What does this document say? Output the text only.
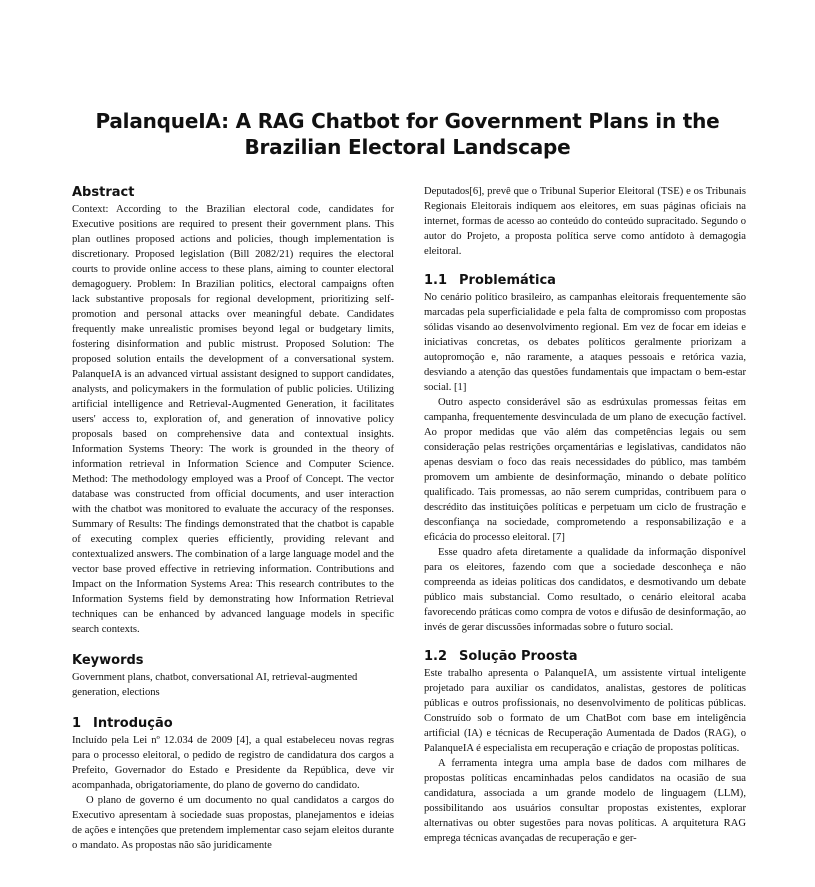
PalanqueIA: A RAG Chatbot for Government Plans in the
Brazilian Electoral Landscape
Abstract

Context: According to the Brazilian electoral code, candidates for Executive positions are required to present their government plans. This plan outlines proposed actions and policies, though implementation is discretionary. Proposed legislation (Bill 2082/21) requires the electoral courts to provide online access to these plans, aiming to counter electoral demagoguery. Problem: In Brazilian politics, electoral campaigns often lack substantive proposals for regional development, prioritizing self-promotion and personal attacks over meaningful debate. Candidates frequently make unrealistic promises beyond legal or budgetary limits, fostering disinformation and public mistrust. Proposed Solution: The proposed solution entails the development of a conversational system. PalanqueIA is an advanced virtual assistant designed to support candidates, analysts, and policymakers in the formulation of public policies. Utilizing artificial intelligence and Retrieval-Augmented Generation, it facilitates users' access to, exploration of, and generation of innovative policy proposals based on comprehensive data and contextual insights. Information Systems Theory: The work is grounded in the theory of information retrieval in Information Science and Computer Science. Method: The methodology employed was a Proof of Concept. The vector database was constructed from official documents, and user interaction with the chatbot was monitored to evaluate the accuracy of the responses. Summary of Results: The findings demonstrated that the chatbot is capable of executing complex queries efficiently, providing relevant and contextualized answers. The combination of a large language model and the vector base proved effective in retrieving information. Contributions and Impact on the Information Systems Area: This research contributes to the Information Systems field by demonstrating how Information Retrieval techniques can be enhanced by advanced language models in specific search contexts.

Keywords

Government plans, chatbot, conversational AI, retrieval-augmented generation, elections

1 Introdução

Incluído pela Lei nº 12.034 de 2009 [4], a qual estabeleceu novas regras para o processo eleitoral, o pedido de registro de candidatura dos cargos a Prefeito, Governador do Estado e Presidente da República, deve vir acompanhada, obrigatoriamente, do plano de governo do candidato.

O plano de governo é um documento no qual candidatos a cargos do Executivo apresentam à sociedade suas propostas, planejamentos e ideias de ações e intenções que pretendem implementar caso sejam eleitos durante o mandato. As propostas não são juridicamente

Deputados[6], prevê que o Tribunal Superior Eleitoral (TSE) e os Tribunais Regionais Eleitorais indiquem aos eleitores, em suas páginas oficiais na internet, formas de acesso ao conteúdo do conteúdo supracitado. Segundo o autor do Projeto, a proposta política serve como antídoto à demagogia eleitoral.

1.1 Problemática

No cenário político brasileiro, as campanhas eleitorais frequentemente são marcadas pela superficialidade e pela falta de compromisso com propostas sólidas visando ao desenvolvimento regional. Em vez de focar em ideias e iniciativas concretas, os debates políticos geralmente priorizam a autopromoção e, não raramente, a ataques pessoais e retórica vazia, desviando a atenção das questões fundamentais que impactam o bem-estar social. [1]

Outro aspecto considerável são as esdrúxulas promessas feitas em campanha, frequentemente desvinculada de um plano de execução factível. Ao propor medidas que vão além das competências legais ou sem consideração pelas restrições orçamentárias e legislativas, candidatos não apenas desviam o foco das reais necessidades do público, mas também promovem um ambiente de desinformação, minando o debate político qualificado. Tais promessas, ao não serem cumpridas, contribuem para o descrédito das instituições políticas e perpetuam um ciclo de frustração e desconfiança na sociedade, comprometendo a responsabilização e a eficácia do processo eleitoral. [7]

Esse quadro afeta diretamente a qualidade da informação disponível para os eleitores, fazendo com que a sociedade desconheça e não compreenda as ideias políticas dos candidatos, e desmotivando um debate público mais substancial. Como resultado, o cenário eleitoral acaba favorecendo práticas como compra de votos e difusão de desinformação, ao invés de gerar discussões informadas sobre o futuro social.

1.2 Solução Proosta

Este trabalho apresenta o PalanqueIA, um assistente virtual inteligente projetado para auxiliar os candidatos, analistas, gestores de políticas públicas e outros profissionais, no desenvolvimento de políticas públicas. Construído sob o formato de um ChatBot com base em inteligência artificial (IA) e técnicas de Recuperação Aumentada de Dados (RAG), o PalanqueIA é especialista em recuperação e criação de propostas políticas.

A ferramenta integra uma ampla base de dados com milhares de propostas políticas encaminhadas pelos candidatos na ocasião de sua candidatura, associada a um grande modelo de linguagem (LLM), possibilitando aos usuários consultar propostas existentes, explorar alternativas ou obter sugestões para novas políticas. A arquitetura RAG emprega técnicas avançadas de recuperação e ger-
